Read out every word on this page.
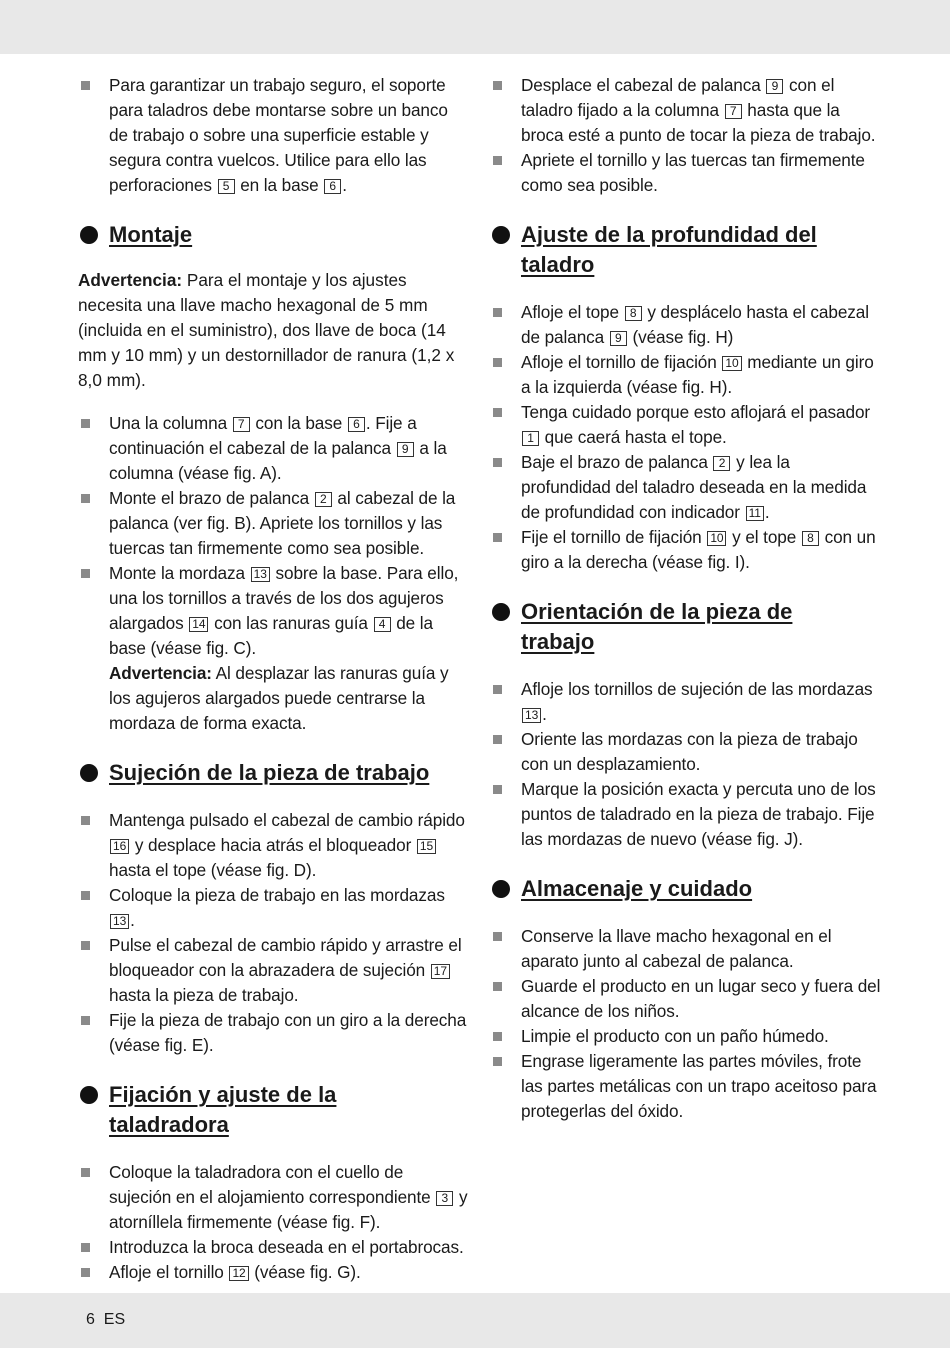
Para garantizar un trabajo seguro, el soporte para taladros debe montarse sobre un banco de trabajo o sobre una superficie estable y segura contra vuelcos. Utilice para ello las perforaciones 5 en la base 6 .
Montaje

Advertencia: Para el montaje y los ajustes necesita una llave macho hexagonal de 5 mm (incluida en el suministro), dos llave de boca (14 mm y 10 mm) y un destornillador de ranura (1,2 x 8,0 mm).

Una la columna 7 con la base 6 . Fije a continuación el cabezal de la palanca 9 a la columna (véase fig. A).
Monte el brazo de palanca 2 al cabezal de la palanca (ver fig. B). Apriete los tornillos y las tuercas tan firmemente como sea posible.
Monte la mordaza 13 sobre la base. Para ello, una los tornillos a través de los dos agujeros alargados 14 con las ranuras guía 4 de la base (véase fig. C).
Advertencia: Al desplazar las ranuras guía y los agujeros alargados puede centrarse la mordaza de forma exacta.
Sujeción de la pieza de trabajo
Mantenga pulsado el cabezal de cambio rápido 16 y desplace hacia atrás el bloqueador 15 hasta el tope (véase fig. D).
Coloque la pieza de trabajo en las mordazas 13 .
Pulse el cabezal de cambio rápido y arrastre el bloqueador con la abrazadera de sujeción 17 hasta la pieza de trabajo.
Fije la pieza de trabajo con un giro a la derecha (véase fig. E).
Fijación y ajuste de la
taladradora
Coloque la taladradora con el cuello de sujeción en el alojamiento correspondiente 3 y atorníllela firmemente (véase fig. F).
Introduzca la broca deseada en el portabrocas.
Afloje el tornillo 12 (véase fig. G).
Desplace el cabezal de palanca 9 con el taladro fijado a la columna 7 hasta que la broca esté a punto de tocar la pieza de trabajo.
Apriete el tornillo y las tuercas tan firmemente como sea posible.
Ajuste de la profundidad del
taladro
Afloje el tope 8 y desplácelo hasta el cabezal de palanca 9 (véase fig. H)
Afloje el tornillo de fijación 10 mediante un giro a la izquierda (véase fig. H).
Tenga cuidado porque esto aflojará el pasador 1 que caerá hasta el tope.
Baje el brazo de palanca 2 y lea la profundidad del taladro deseada en la medida de profundidad con indicador 11 .
Fije el tornillo de fijación 10 y el tope 8 con un giro a la derecha (véase fig. I).
Orientación de la pieza de
trabajo
Afloje los tornillos de sujeción de las mordazas 13 .
Oriente las mordazas con la pieza de trabajo con un desplazamiento.
Marque la posición exacta y percuta uno de los puntos de taladrado en la pieza de trabajo. Fije las mordazas de nuevo (véase fig. J).
Almacenaje y cuidado
Conserve la llave macho hexagonal en el aparato junto al cabezal de palanca.
Guarde el producto en un lugar seco y fuera del alcance de los niños.
Limpie el producto con un paño húmedo.
Engrase ligeramente las partes móviles, frote las partes metálicas con un trapo aceitoso para protegerlas del óxido.
6 ES
